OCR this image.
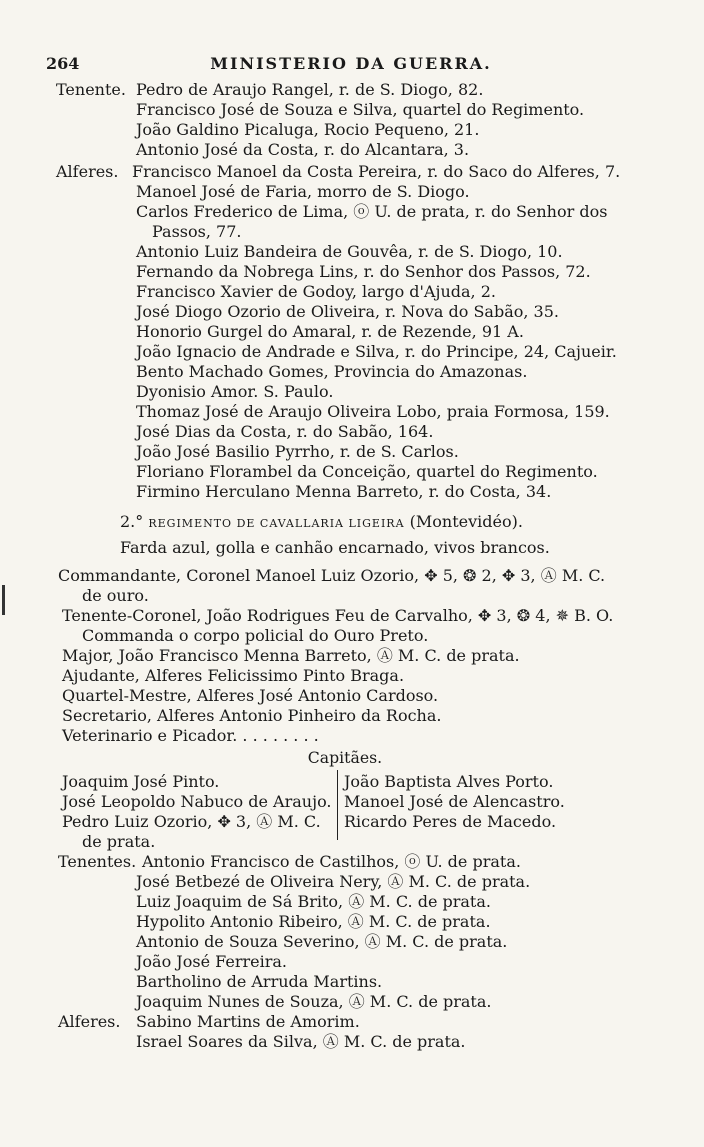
264	MINISTERIO DA GUERRA.
Tenente. Pedro de Araujo Rangel, r. de S. Diogo, 82.
Francisco José de Souza e Silva, quartel do Regimento.
João Galdino Picaluga, Rocio Pequeno, 21.
Antonio José da Costa, r. do Alcantara, 3.
Alferes. Francisco Manoel da Costa Pereira, r. do Saco do Alferes, 7.
Manoel José de Faria, morro de S. Diogo.
Carlos Frederico de Lima, ⓞ U. de prata, r. do Senhor dos
Passos, 77.
Antonio Luiz Bandeira de Gouvêa, r. de S. Diogo, 10.
Fernando da Nobrega Lins, r. do Senhor dos Passos, 72.
Francisco Xavier de Godoy, largo d'Ajuda, 2.
José Diogo Ozorio de Oliveira, r. Nova do Sabão, 35.
Honorio Gurgel do Amaral, r. de Rezende, 91 A.
João Ignacio de Andrade e Silva, r. do Principe, 24, Cajueir.
Bento Machado Gomes, Provincia do Amazonas.
Dyonisio Amor. S. Paulo.
Thomaz José de Araujo Oliveira Lobo, praia Formosa, 159.
José Dias da Costa, r. do Sabão, 164.
João José Basilio Pyrrho, r. de S. Carlos.
Floriano Florambel da Conceição, quartel do Regimento.
Firmino Herculano Menna Barreto, r. do Costa, 34.
2.° REGIMENTO DE CAVALLARIA LIGEIRA (Montevidéo).
Farda azul, golla e canhão encarnado, vivos brancos.
Commandante, Coronel Manoel Luiz Ozorio, ✥ 5, ❂ 2, ✥ 3, Ⓐ M. C.
de ouro.
Tenente-Coronel, João Rodrigues Feu de Carvalho, ✥ 3, ❂ 4, ✵ B. O.
Commanda o corpo policial do Ouro Preto.
Major, João Francisco Menna Barreto, Ⓐ M. C. de prata.
Ajudante, Alferes Felicissimo Pinto Braga.
Quartel-Mestre, Alferes José Antonio Cardoso.
Secretario, Alferes Antonio Pinheiro da Rocha.
Veterinario e Picador. . . . . . . . .
Capitães.
Joaquim José Pinto.
José Leopoldo Nabuco de Araujo.
Pedro Luiz Ozorio, ✥ 3, Ⓐ M. C.
de prata.
João Baptista Alves Porto.
Manoel José de Alencastro.
Ricardo Peres de Macedo.
Tenentes. Antonio Francisco de Castilhos, ⓞ U. de prata.
José Betbezé de Oliveira Nery, Ⓐ M. C. de prata.
Luiz Joaquim de Sá Brito, Ⓐ M. C. de prata.
Hypolito Antonio Ribeiro, Ⓐ M. C. de prata.
Antonio de Souza Severino, Ⓐ M. C. de prata.
João José Ferreira.
Bartholino de Arruda Martins.
Joaquim Nunes de Souza, Ⓐ M. C. de prata.
Alferes. Sabino Martins de Amorim.
Israel Soares da Silva, Ⓐ M. C. de prata.
